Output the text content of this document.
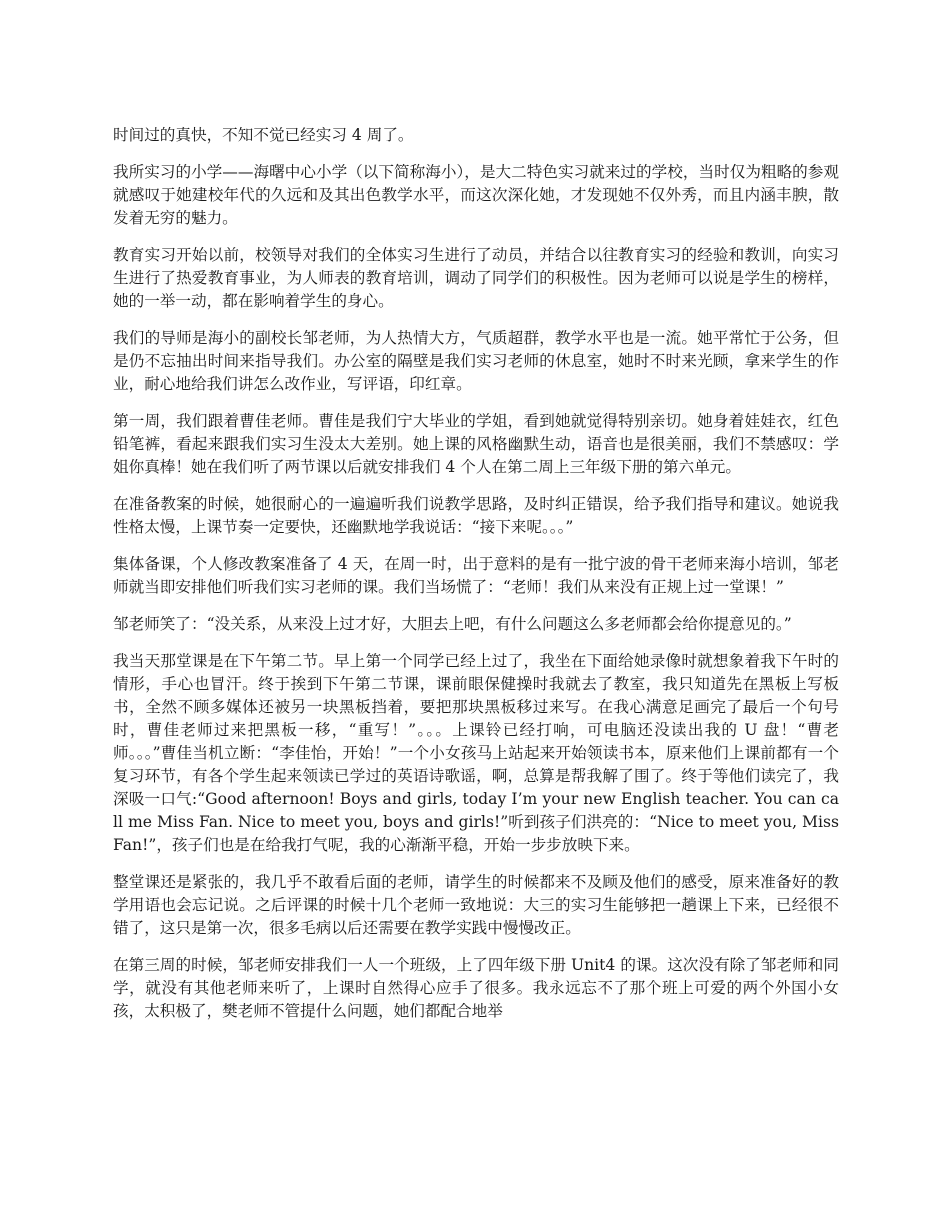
时间过的真快，不知不觉已经实习 4 周了。

我所实习的小学——海曙中心小学（以下简称海小），是大二特色实习就来过的学校，当时仅为粗略的参观就感叹于她建校年代的久远和及其出色教学水平，而这次深化她，才发现她不仅外秀，而且内涵丰腴，散发着无穷的魅力。

教育实习开始以前，校领导对我们的全体实习生进行了动员，并结合以往教育实习的经验和教训，向实习生进行了热爱教育事业，为人师表的教育培训，调动了同学们的积极性。因为老师可以说是学生的榜样，她的一举一动，都在影响着学生的身心。

我们的导师是海小的副校长邹老师，为人热情大方，气质超群，教学水平也是一流。她平常忙于公务，但是仍不忘抽出时间来指导我们。办公室的隔壁是我们实习老师的休息室，她时不时来光顾，拿来学生的作业，耐心地给我们讲怎么改作业，写评语，印红章。

第一周，我们跟着曹佳老师。曹佳是我们宁大毕业的学姐，看到她就觉得特别亲切。她身着娃娃衣，红色铅笔裤，看起来跟我们实习生没太大差别。她上课的风格幽默生动，语音也是很美丽，我们不禁感叹：学姐你真棒！她在我们听了两节课以后就安排我们 4 个人在第二周上三年级下册的第六单元。

在准备教案的时候，她很耐心的一遍遍听我们说教学思路，及时纠正错误，给予我们指导和建议。她说我性格太慢，上课节奏一定要快，还幽默地学我说话：“接下来呢。。。”

集体备课，个人修改教案准备了 4 天，在周一时，出于意料的是有一批宁波的骨干老师来海小培训，邹老师就当即安排他们听我们实习老师的课。我们当场慌了：“老师！我们从来没有正规上过一堂课！”

邹老师笑了：“没关系，从来没上过才好，大胆去上吧，有什么问题这么多老师都会给你提意见的。”

我当天那堂课是在下午第二节。早上第一个同学已经上过了，我坐在下面给她录像时就想象着我下午时的情形，手心也冒汗。终于挨到下午第二节课，课前眼保健操时我就去了教室，我只知道先在黑板上写板书，全然不顾多媒体还被另一块黑板挡着，要把那块黑板移过来写。在我心满意足画完了最后一个句号时，曹佳老师过来把黑板一移，“重写！”。。。上课铃已经打响，可电脑还没读出我的 U 盘！“曹老师。。。”曹佳当机立断：“李佳怡，开始！”一个小女孩马上站起来开始领读书本，原来他们上课前都有一个复习环节，有各个学生起来领读已学过的英语诗歌谣，啊，总算是帮我解了围了。终于等他们读完了，我深吸一口气:“Good afternoon! Boys and girls, today I’m your new English teacher. You can call me Miss Fan. Nice to meet you, boys and girls!”听到孩子们洪亮的：“Nice to meet you, Miss Fan!”，孩子们也是在给我打气呢，我的心渐渐平稳，开始一步步放映下来。

整堂课还是紧张的，我几乎不敢看后面的老师，请学生的时候都来不及顾及他们的感受，原来准备好的教学用语也会忘记说。之后评课的时候十几个老师一致地说：大三的实习生能够把一趟课上下来，已经很不错了，这只是第一次，很多毛病以后还需要在教学实践中慢慢改正。

在第三周的时候，邹老师安排我们一人一个班级，上了四年级下册 Unit4 的课。这次没有除了邹老师和同学，就没有其他老师来听了，上课时自然得心应手了很多。我永远忘不了那个班上可爱的两个外国小女孩，太积极了，樊老师不管提什么问题，她们都配合地举
